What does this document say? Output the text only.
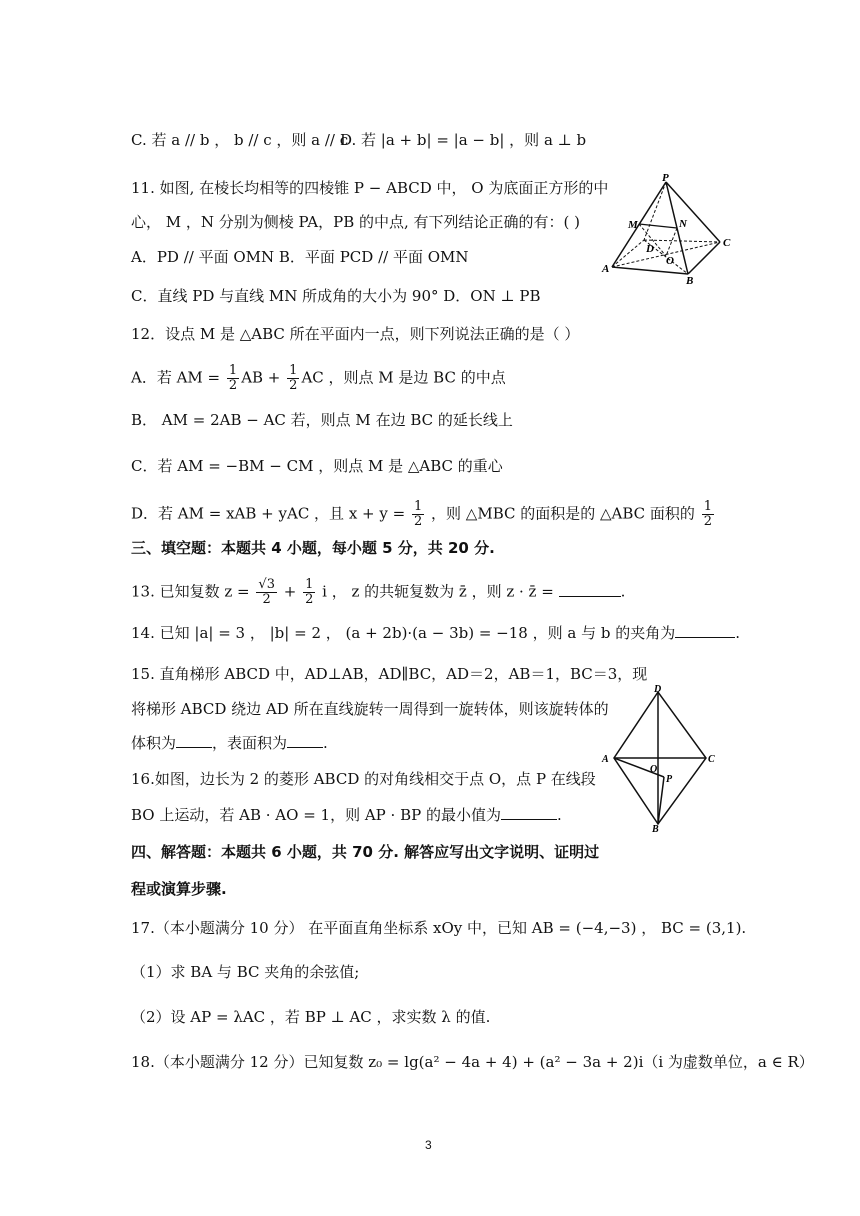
C. 若 a // b ， b // c ，则 a // c
D. 若 |a + b| = |a − b| ，则 a ⊥ b
11. 如图, 在棱长均相等的四棱锥 P − ABCD 中， O 为底面正方形的中
心， M ，N 分别为侧棱 PA，PB 的中点, 有下列结论正确的有：( )
A．PD // 平面 OMN B．平面 PCD // 平面 OMN
C．直线 PD 与直线 MN 所成角的大小为 90° D．ON ⊥ PB
P
M	N
D
O
C
A
B
12．设点 M 是 △ABC 所在平面内一点，则下列说法正确的是（ ）
A．若 AM = $\frac{1}{2}$ AB + $\frac{1}{2}$ AC ，则点 M 是边 BC 的中点
B． AM = 2AB − AC 若，则点 M 在边 BC 的延长线上
C．若 AM = −BM − CM ，则点 M 是 △ABC 的重心
D．若 AM = xAB + yAC ，且 $x + y = \frac{1}{2}$ ，则 △MBC 的面积是的 △ABC 面积的 $\frac{1}{2}$
三、填空题：本题共 4 小题，每小题 5 分，共 20 分.
13. 已知复数 $z = \frac{√3}{2} + \frac{1}{2}$ i ， z 的共轭复数为 z̄ ，则 z · z̄ =	.
14. 已知 |a| = 3 ， |b| = 2 ， (a + 2b)·(a − 3b) = −18 ，则 a 与 b 的夹角为	.
15. 直角梯形 ABCD 中，AD⊥AB，AD∥BC，AD＝2，AB＝1，BC＝3，现
将梯形 ABCD 绕边 AD 所在直线旋转一周得到一旋转体，则该旋转体的
体积为 ，表面积为 .
16.如图，边长为 2 的菱形 ABCD 的对角线相交于点 O，点 P 在线段
BO 上运动，若 AB · AO = 1，则 AP · BP 的最小值为	.
D
A
O
C
P
B
四、解答题：本题共 6 小题，共 70 分. 解答应写出文字说明、证明过
程或演算步骤.
17.（本小题满分 10 分） 在平面直角坐标系 xOy 中，已知 AB = (−4,−3) ， BC = (3,1).
（1）求 BA 与 BC 夹角的余弦值;
（2）设 AP = λAC ，若 BP ⊥ AC ，求实数 λ 的值.
18.（本小题满分 12 分）已知复数 z₀ = lg(a² − 4a + 4) + (a² − 3a + 2)i（i 为虚数单位，a ∈ R）
3
